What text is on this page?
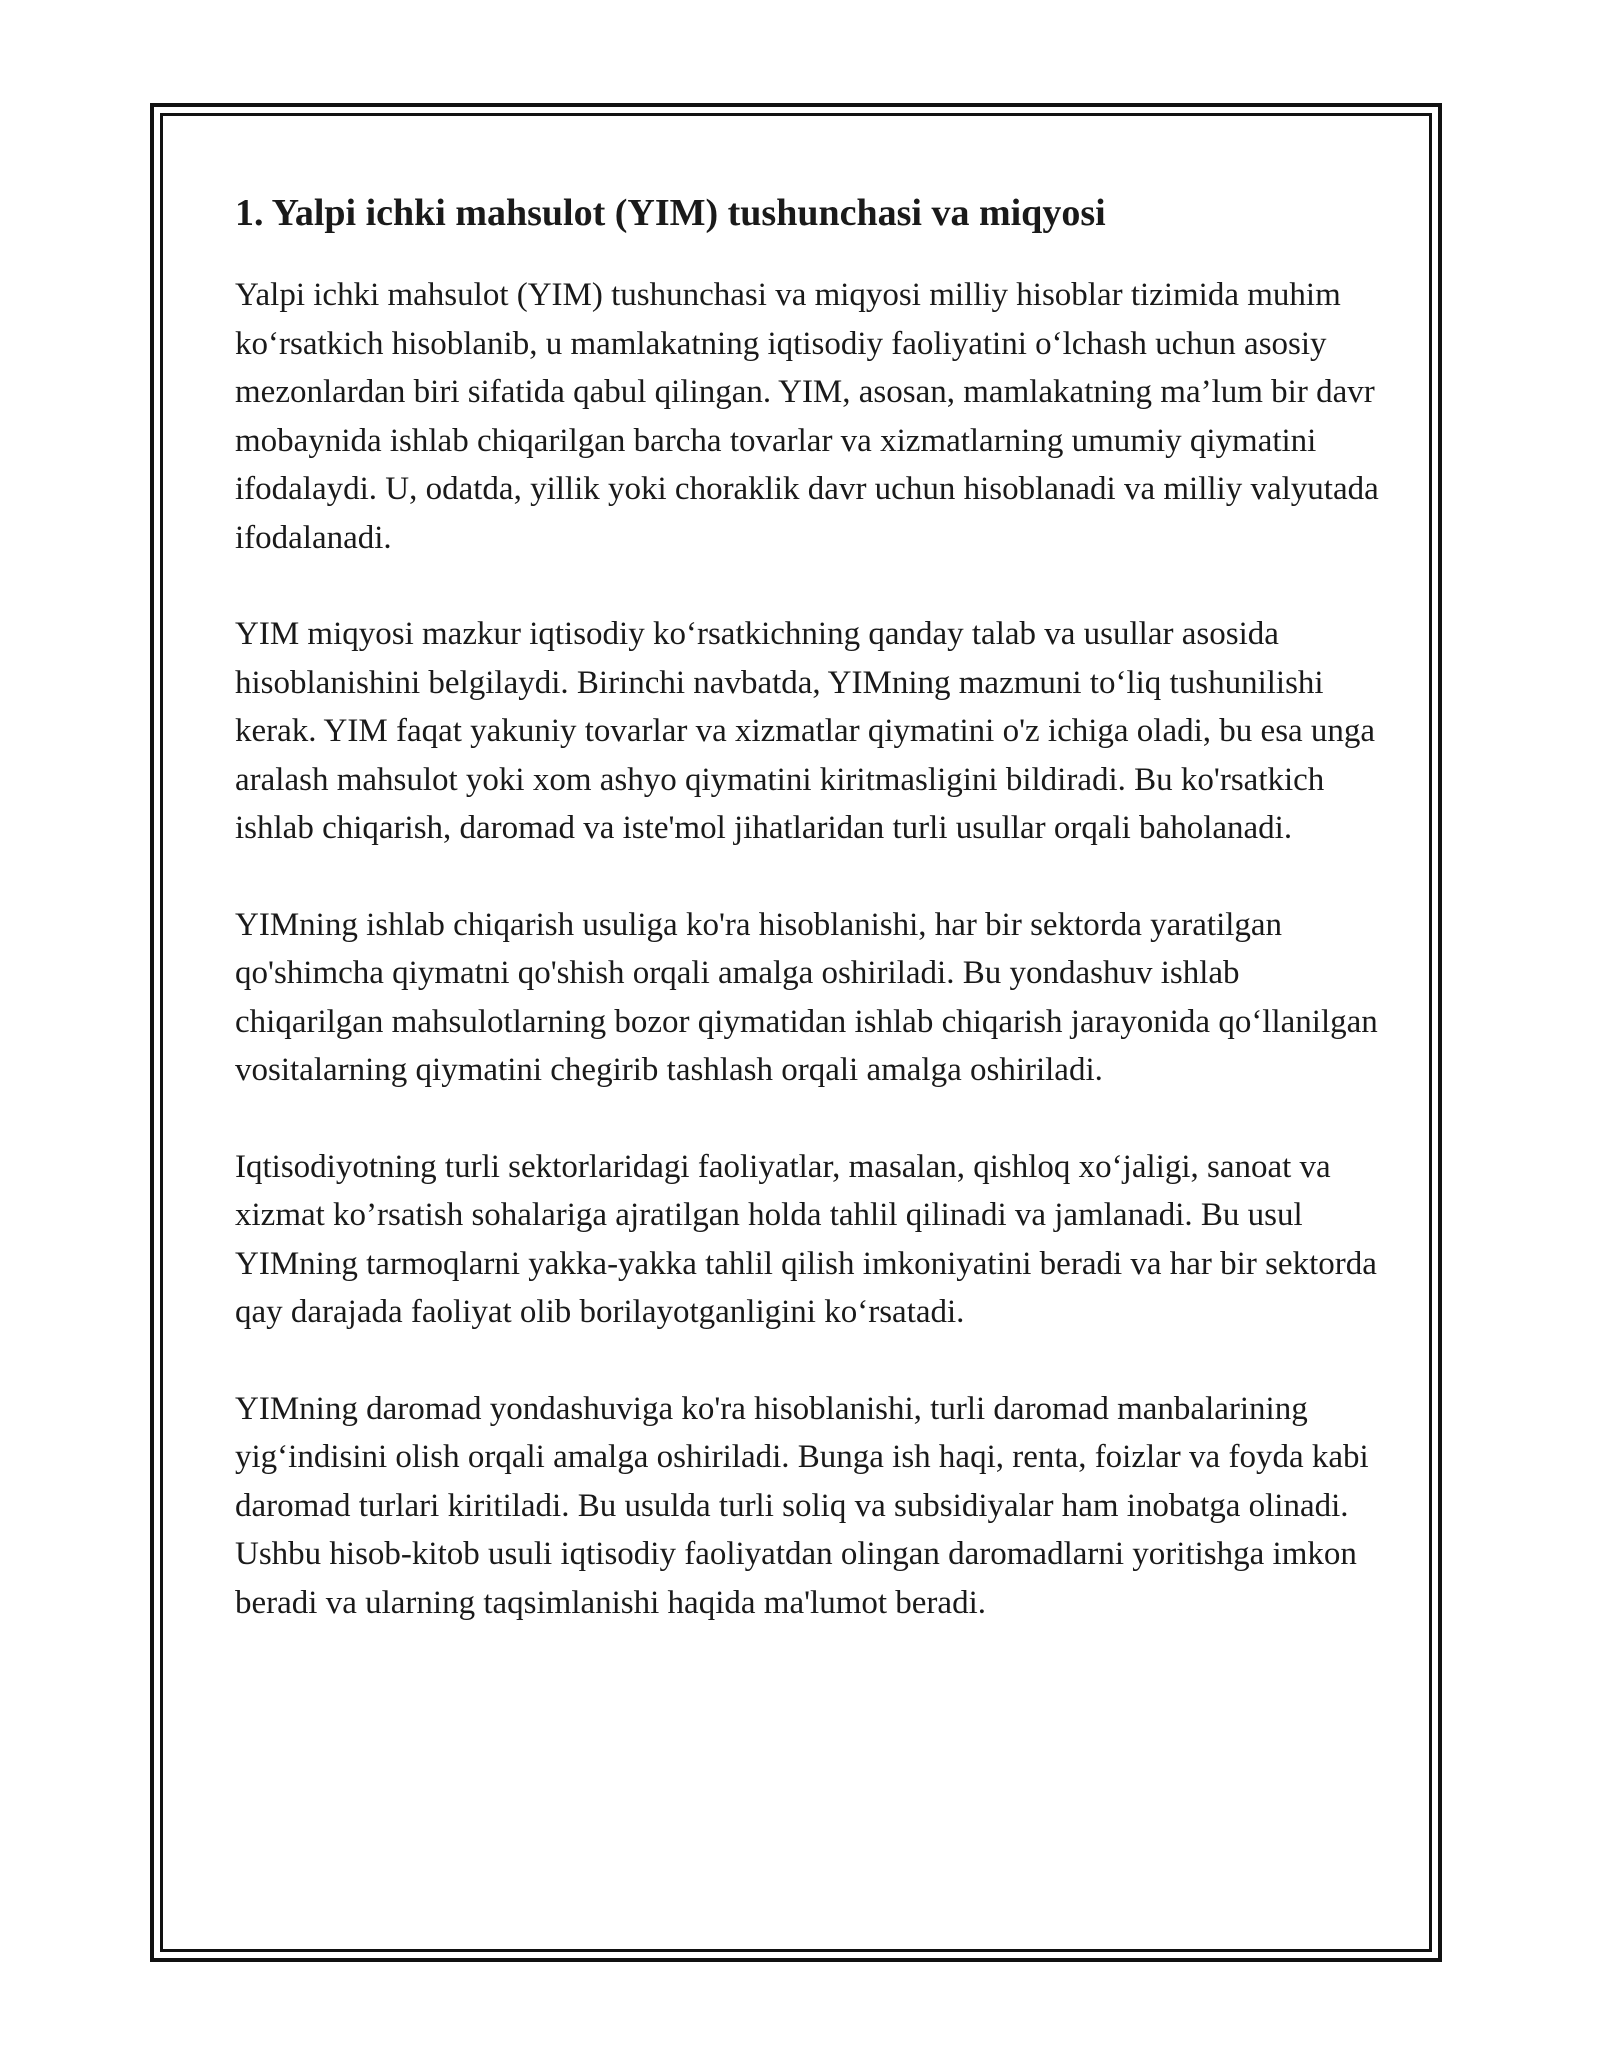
1. Yalpi ichki mahsulot (YIM) tushunchasi va miqyosi

Yalpi ichki mahsulot (YIM) tushunchasi va miqyosi milliy hisoblar tizimida muhim ko‘rsatkich hisoblanib, u mamlakatning iqtisodiy faoliyatini o‘lchash uchun asosiy mezonlardan biri sifatida qabul qilingan. YIM, asosan, mamlakatning ma’lum bir davr mobaynida ishlab chiqarilgan barcha tovarlar va xizmatlarning umumiy qiymatini ifodalaydi. U, odatda, yillik yoki choraklik davr uchun hisoblanadi va milliy valyutada ifodalanadi.

YIM miqyosi mazkur iqtisodiy ko‘rsatkichning qanday talab va usullar asosida hisoblanishini belgilaydi. Birinchi navbatda, YIMning mazmuni to‘liq tushunilishi kerak. YIM faqat yakuniy tovarlar va xizmatlar qiymatini o'z ichiga oladi, bu esa unga aralash mahsulot yoki xom ashyo qiymatini kiritmasligini bildiradi. Bu ko'rsatkich ishlab chiqarish, daromad va iste'mol jihatlaridan turli usullar orqali baholanadi.

YIMning ishlab chiqarish usuliga ko'ra hisoblanishi, har bir sektorda yaratilgan qo'shimcha qiymatni qo'shish orqali amalga oshiriladi. Bu yondashuv ishlab chiqarilgan mahsulotlarning bozor qiymatidan ishlab chiqarish jarayonida qo‘llanilgan vositalarning qiymatini chegirib tashlash orqali amalga oshiriladi.

Iqtisodiyotning turli sektorlaridagi faoliyatlar, masalan, qishloq xo‘jaligi, sanoat va xizmat ko’rsatish sohalariga ajratilgan holda tahlil qilinadi va jamlanadi. Bu usul YIMning tarmoqlarni yakka-yakka tahlil qilish imkoniyatini beradi va har bir sektorda qay darajada faoliyat olib borilayotganligini ko‘rsatadi.

YIMning daromad yondashuviga ko'ra hisoblanishi, turli daromad manbalarining yig‘indisini olish orqali amalga oshiriladi. Bunga ish haqi, renta, foizlar va foyda kabi daromad turlari kiritiladi. Bu usulda turli soliq va subsidiyalar ham inobatga olinadi. Ushbu hisob-kitob usuli iqtisodiy faoliyatdan olingan daromadlarni yoritishga imkon beradi va ularning taqsimlanishi haqida ma'lumot beradi.
